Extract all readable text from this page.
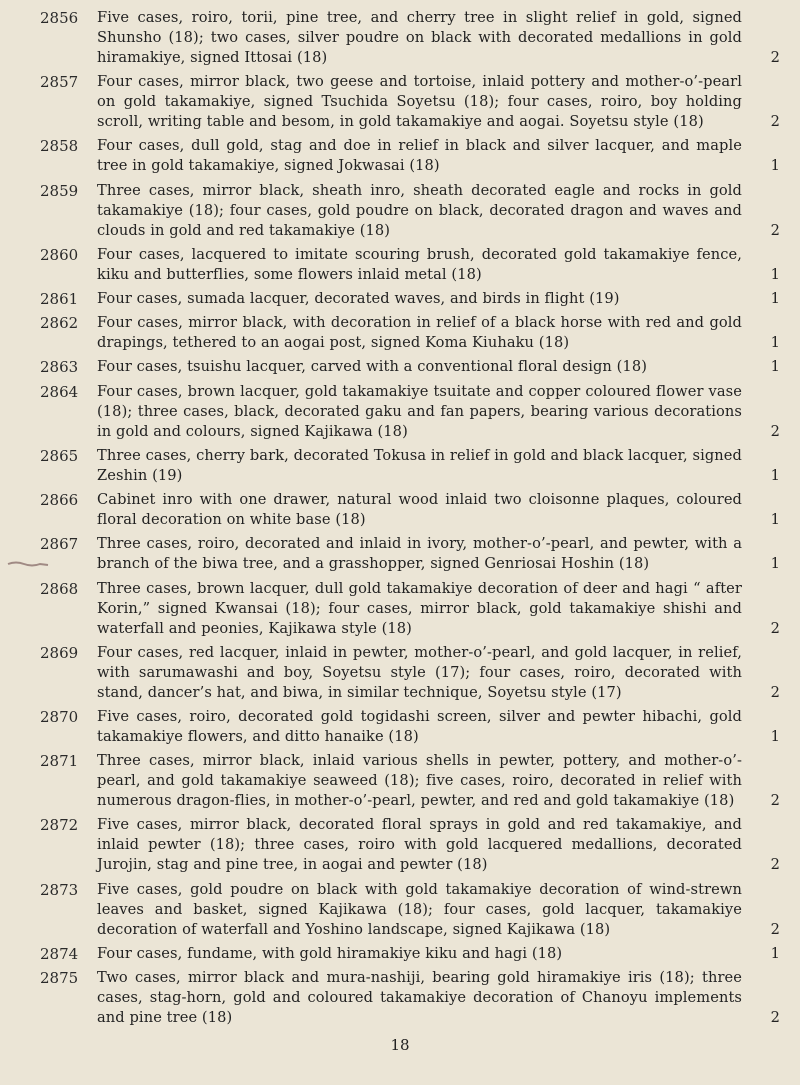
2856	Five cases, roiro, torii, pine tree, and cherry tree in slight relief in gold, signed Shunsho (18); two cases, silver poudre on black with decorated medallions in gold hiramakiye, signed Ittosai (18)	2
2857	Four cases, mirror black, two geese and tortoise, inlaid pottery and mother-o’-pearl on gold takamakiye, signed Tsuchida Soyetsu (18); four cases, roiro, boy holding scroll, writing table and besom, in gold takamakiye and aogai. Soyetsu style (18)	2
2858	Four cases, dull gold, stag and doe in relief in black and silver lacquer, and maple tree in gold takamakiye, signed Jokwasai (18)	1
2859	Three cases, mirror black, sheath inro, sheath decorated eagle and rocks in gold takamakiye (18); four cases, gold poudre on black, decorated dragon and waves and clouds in gold and red takamakiye (18)	2
2860	Four cases, lacquered to imitate scouring brush, decorated gold takamakiye fence, kiku and butterflies, some flowers inlaid metal (18)	1
2861	Four cases, sumada lacquer, decorated waves, and birds in flight (19)	1
2862	Four cases, mirror black, with decoration in relief of a black horse with red and gold drapings, tethered to an aogai post, signed Koma Kiuhaku (18)	1
2863	Four cases, tsuishu lacquer, carved with a conventional floral design (18)	1
2864	Four cases, brown lacquer, gold takamakiye tsuitate and copper coloured flower vase (18); three cases, black, decorated gaku and fan papers, bearing various decorations in gold and colours, signed Kajikawa (18)	2
2865	Three cases, cherry bark, decorated Tokusa in relief in gold and black lacquer, signed Zeshin (19)	1
2866	Cabinet inro with one drawer, natural wood inlaid two cloisonne plaques, coloured floral decoration on white base (18)	1
2867	Three cases, roiro, decorated and inlaid in ivory, mother-o’-pearl, and pewter, with a branch of the biwa tree, and a grasshopper, signed Genriosai Hoshin (18)	1
2868	Three cases, brown lacquer, dull gold takamakiye decoration of deer and hagi “ after Korin,” signed Kwansai (18); four cases, mirror black, gold takamakiye shishi and waterfall and peonies, Kajikawa style (18)	2
2869	Four cases, red lacquer, inlaid in pewter, mother-o’-pearl, and gold lacquer, in relief, with sarumawashi and boy, Soyetsu style (17); four cases, roiro, decorated with stand, dancer’s hat, and biwa, in similar technique, Soyetsu style (17)	2
2870	Five cases, roiro, decorated gold togidashi screen, silver and pewter hibachi, gold takamakiye flowers, and ditto hanaike (18)	1
2871	Three cases, mirror black, inlaid various shells in pewter, pottery, and mother-o’-pearl, and gold takamakiye seaweed (18); five cases, roiro, decorated in relief with numerous dragon-flies, in mother-o’-pearl, pewter, and red and gold takamakiye (18) 2
2872	Five cases, mirror black, decorated floral sprays in gold and red takamakiye, and inlaid pewter (18); three cases, roiro with gold lacquered medallions, decorated Jurojin, stag and pine tree, in aogai and pewter (18)	2
2873	Five cases, gold poudre on black with gold takamakiye decoration of wind-strewn leaves and basket, signed Kajikawa (18); four cases, gold lacquer, takamakiye decoration of waterfall and Yoshino landscape, signed Kajikawa (18)	2
2874	Four cases, fundame, with gold hiramakiye kiku and hagi (18)	1
2875	Two cases, mirror black and mura-nashiji, bearing gold hiramakiye iris (18); three cases, stag-horn, gold and coloured takamakiye decoration of Chanoyu implements and pine tree (18)	2
18
